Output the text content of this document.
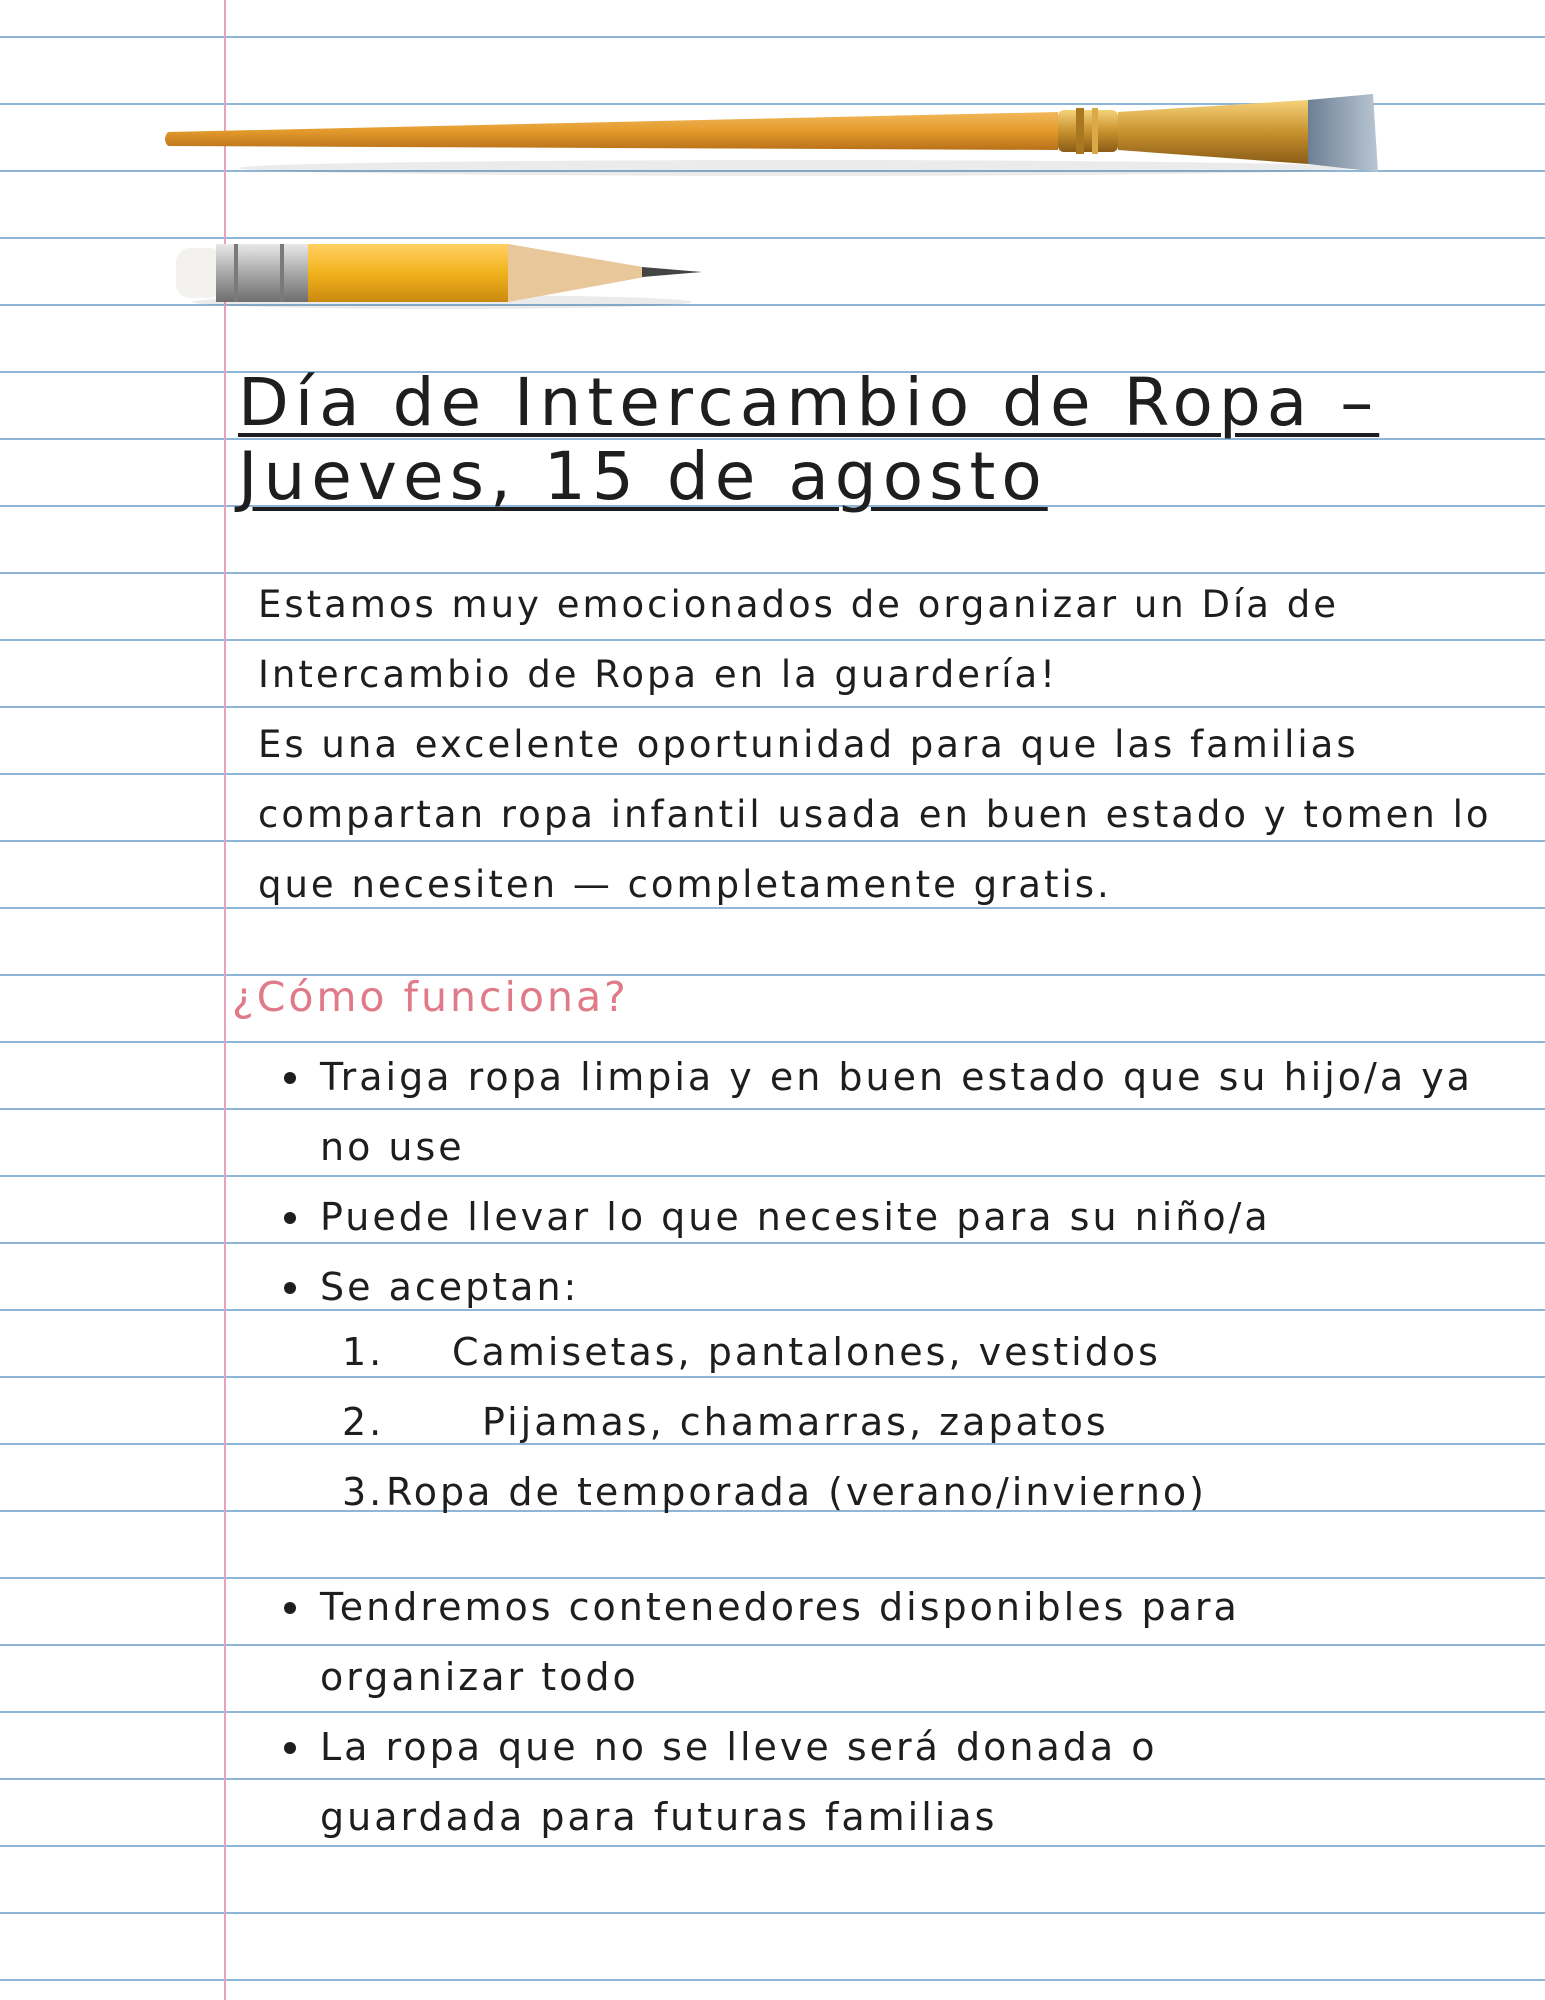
Día de Intercambio de Ropa –
Jueves, 15 de agosto

Estamos muy emocionados de organizar un Día de

Intercambio de Ropa en la guardería!

Es una excelente oportunidad para que las familias

compartan ropa infantil usada en buen estado y tomen lo

que necesiten — completamente gratis.

¿Cómo funciona?
Traiga ropa limpia y en buen estado que su hijo/a ya
no use
Puede llevar lo que necesite para su niño/a
Se aceptan:
1.	Camisetas, pantalones, vestidos
2.	Pijamas, chamarras, zapatos
3. Ropa de temporada (verano/invierno)
Tendremos contenedores disponibles para
organizar todo
La ropa que no se lleve será donada o
guardada para futuras familias
